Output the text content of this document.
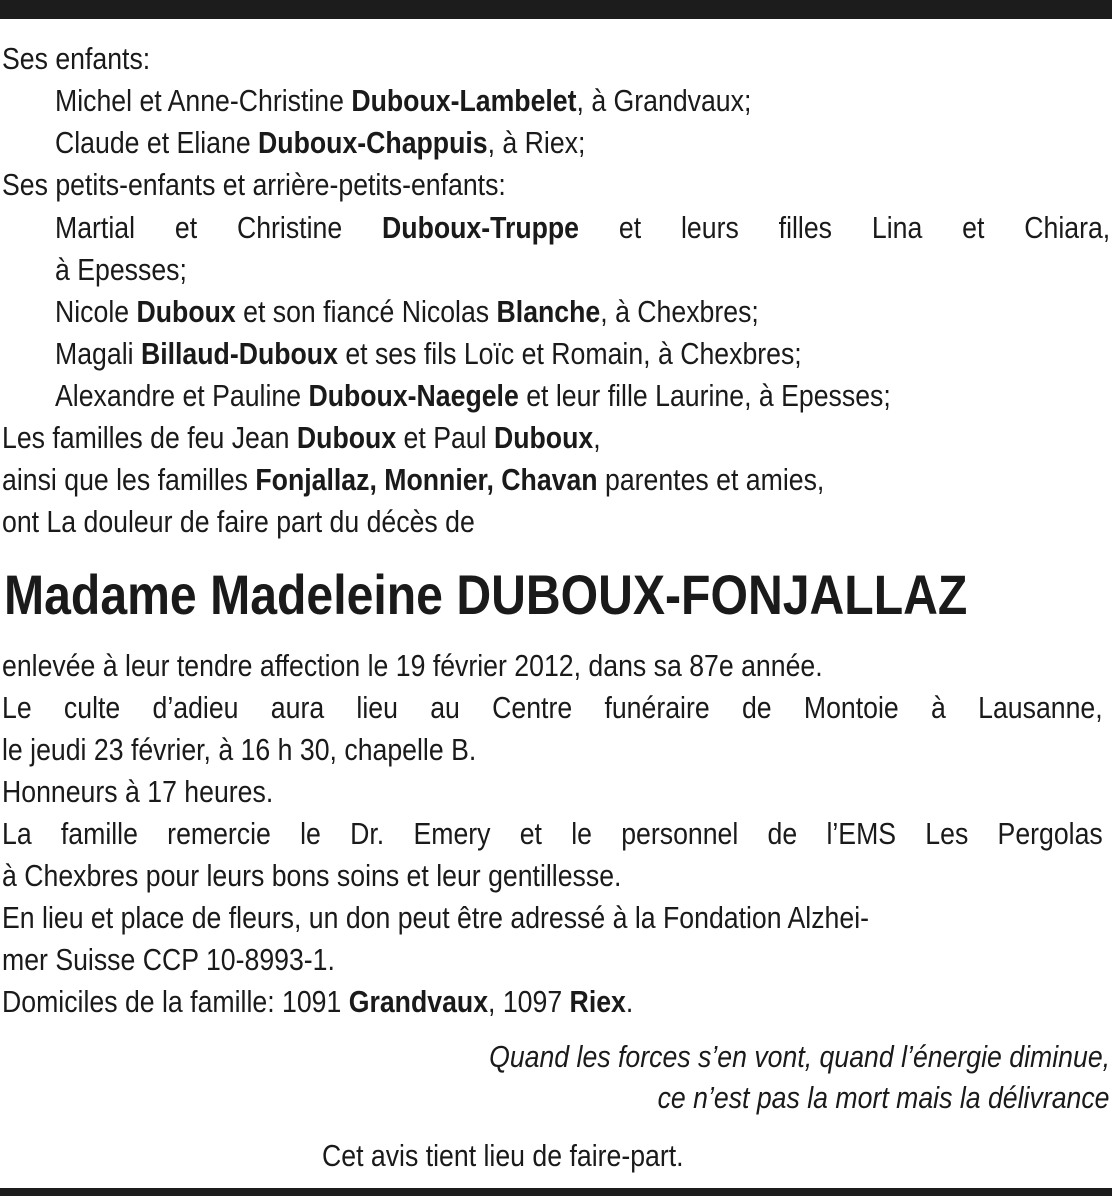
Ses enfants:
Michel et Anne-Christine Duboux-Lambelet, à Grandvaux;
Claude et Eliane Duboux-Chappuis, à Riex;
Ses petits-enfants et arrière-petits-enfants:
Martial et Christine Duboux-Truppe et leurs filles Lina et Chiara,
à Epesses;
Nicole Duboux et son fiancé Nicolas Blanche, à Chexbres;
Magali Billaud-Duboux et ses fils Loïc et Romain, à Chexbres;
Alexandre et Pauline Duboux-Naegele et leur fille Laurine, à Epesses;
Les familles de feu Jean Duboux et Paul Duboux,
ainsi que les familles Fonjallaz, Monnier, Chavan parentes et amies,
ont La douleur de faire part du décès de
Madame Madeleine DUBOUX-FONJALLAZ
enlevée à leur tendre affection le 19 février 2012, dans sa 87e année.
Le culte d’adieu aura lieu au Centre funéraire de Montoie à Lausanne,
le jeudi 23 février, à 16 h 30, chapelle B.
Honneurs à 17 heures.
La famille remercie le Dr. Emery et le personnel de l’EMS Les Pergolas
à Chexbres pour leurs bons soins et leur gentillesse.
En lieu et place de fleurs, un don peut être adressé à la Fondation Alzhei-
mer Suisse CCP 10-8993-1.
Domiciles de la famille: 1091 Grandvaux, 1097 Riex.
Quand les forces s’en vont, quand l’énergie diminue,
ce n’est pas la mort mais la délivrance
Cet avis tient lieu de faire-part.
